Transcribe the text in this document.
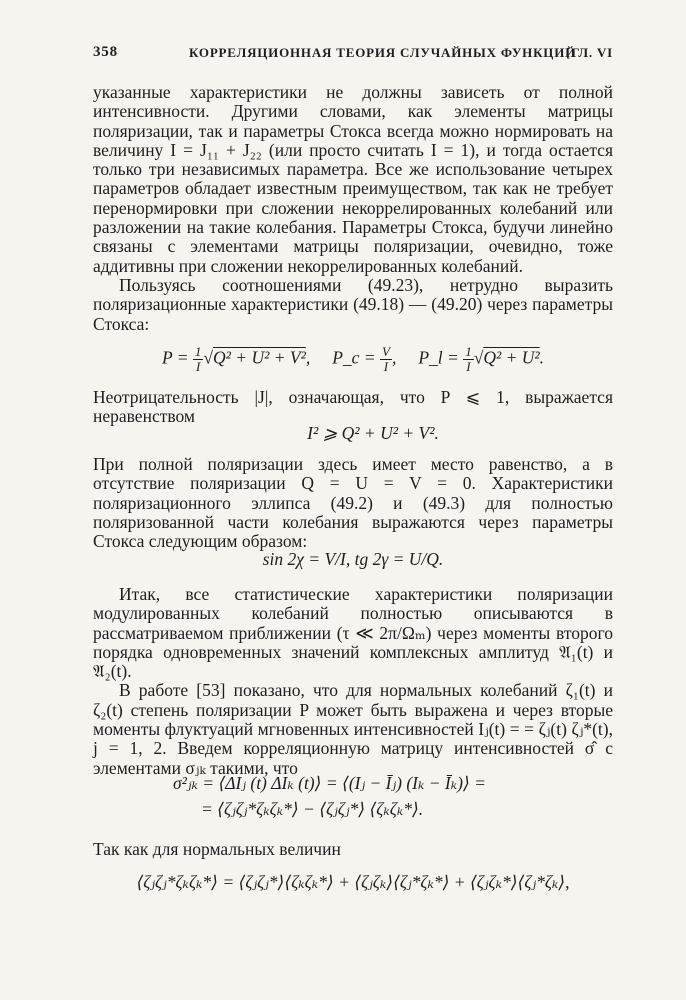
358	КОРРЕЛЯЦИОННАЯ ТЕОРИЯ СЛУЧАЙНЫХ ФУНКЦИЙ
[ГЛ. VI

указанные характеристики не должны зависеть от полной интенсивности. Другими словами, как элементы матрицы поляризации, так и параметры Стокса всегда можно нормировать на величину I = J₁₁ + J₂₂ (или просто считать I = 1), и тогда остается только три независимых параметра. Все же использование четырех параметров обладает известным преимуществом, так как не требует перенормировки при сложении некоррелированных колебаний или разложении на такие колебания. Параметры Стокса, будучи линейно связаны с элементами матрицы поляризации, очевидно, тоже аддитивны при сложении некоррелированных колебаний.

Пользуясь соотношениями (49.23), нетрудно выразить поляризационные характеристики (49.18) — (49.20) через параметры Стокса:

$P = \frac{1}{I} √Q^2 + U^2 + V^2$, P_c = $\frac{V}{I}$ , P_l = $\frac{1}{I} √Q^2 + U^2$.

Неотрицательность |J|, означающая, что P ⩽ 1, выражается неравенством

I² ⩾ Q² + U² + V².

При полной поляризации здесь имеет место равенство, а в отсутствие поляризации Q = U = V = 0. Характеристики поляризационного эллипса (49.2) и (49.3) для полностью поляризованной части колебания выражаются через параметры Стокса следующим образом:

sin 2χ = V/I, tg 2γ = U/Q.

Итак, все статистические характеристики поляризации модулированных колебаний полностью описываются в рассматриваемом приближении (τ ≪ 2π/Ωₘ) через моменты второго порядка одновременных значений комплексных амплитуд 𝔄₁(t) и 𝔄₂(t).

В работе [53] показано, что для нормальных колебаний ζ₁(t) и ζ₂(t) степень поляризации P может быть выражена и через вторые моменты флуктуаций мгновенных интенсивностей Iⱼ(t) = = ζⱼ(t) ζⱼ*(t), j = 1, 2. Введем корреляционную матрицу интенсивностей σ̂ с элементами σⱼₖ такими, что

σ²ⱼₖ = ⟨ΔIⱼ (t) ΔIₖ (t)⟩ = ⟨(Iⱼ − Īⱼ) (Iₖ − Īₖ)⟩ =
= ⟨ζⱼζⱼ*ζₖζₖ*⟩ − ⟨ζⱼζⱼ*⟩ ⟨ζₖζₖ*⟩.

Так как для нормальных величин

⟨ζⱼζⱼ*ζₖζₖ*⟩ = ⟨ζⱼζⱼ*⟩⟨ζₖζₖ*⟩ + ⟨ζⱼζₖ⟩⟨ζⱼ*ζₖ*⟩ + ⟨ζⱼζₖ*⟩⟨ζⱼ*ζₖ⟩,
